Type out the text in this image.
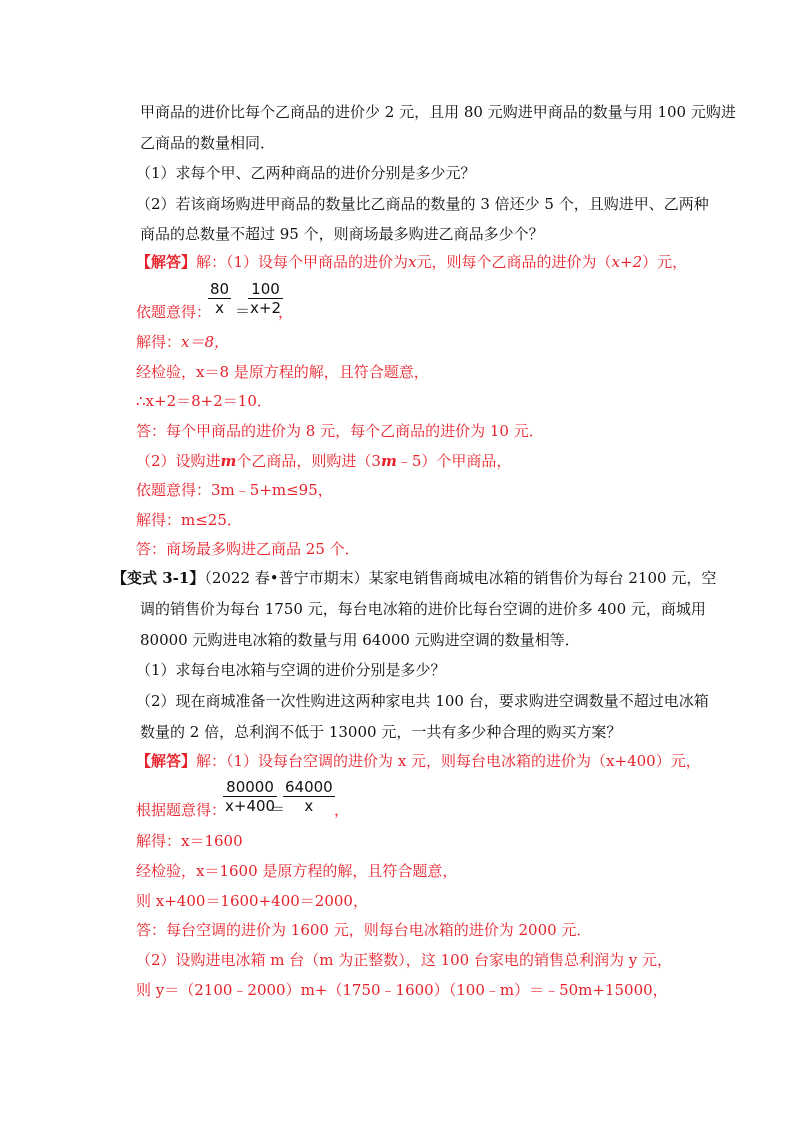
甲商品的进价比每个乙商品的进价少 2 元，且用 80 元购进甲商品的数量与用 100 元购进
乙商品的数量相同．
（1）求每个甲、乙两种商品的进价分别是多少元？
（2）若该商场购进甲商品的数量比乙商品的数量的 3 倍还少 5 个，且购进甲、乙两种
商品的总数量不超过 95 个，则商场最多购进乙商品多少个？
【解答】解：（1）设每个甲商品的进价为x元，则每个乙商品的进价为（x+2）元，
依题意得：
$\frac{80}{x}$ ＝
$\frac{100}{x+2}$
，
解得：x＝8，
经检验，x＝8 是原方程的解，且符合题意，
∴x+2＝8+2＝10．
答：每个甲商品的进价为 8 元，每个乙商品的进价为 10 元．
（2）设购进m个乙商品，则购进（3m﹣5）个甲商品，
依题意得：3m﹣5+m≤95，
解得：m≤25．
答：商场最多购进乙商品 25 个．
【变式 3-1】（2022 春•普宁市期末）某家电销售商城电冰箱的销售价为每台 2100 元，空
调的销售价为每台 1750 元，每台电冰箱的进价比每台空调的进价多 400 元，商城用
80000 元购进电冰箱的数量与用 64000 元购进空调的数量相等．
（1）求每台电冰箱与空调的进价分别是多少？
（2）现在商城准备一次性购进这两种家电共 100 台，要求购进空调数量不超过电冰箱
数量的 2 倍，总利润不低于 13000 元，一共有多少种合理的购买方案？
【解答】解：（1）设每台空调的进价为 x 元，则每台电冰箱的进价为（x+400）元，
根据题意得：
$\frac{80000}{x+400}$
＝
$\frac{64000}{x}$ ，
解得：x＝1600
经检验，x＝1600 是原方程的解，且符合题意，
则 x+400＝1600+400＝2000，
答：每台空调的进价为 1600 元，则每台电冰箱的进价为 2000 元．
（2）设购进电冰箱 m 台（m 为正整数），这 100 台家电的销售总利润为 y 元，
则 y＝（2100﹣2000）m+（1750﹣1600）（100﹣m）＝﹣50m+15000，
